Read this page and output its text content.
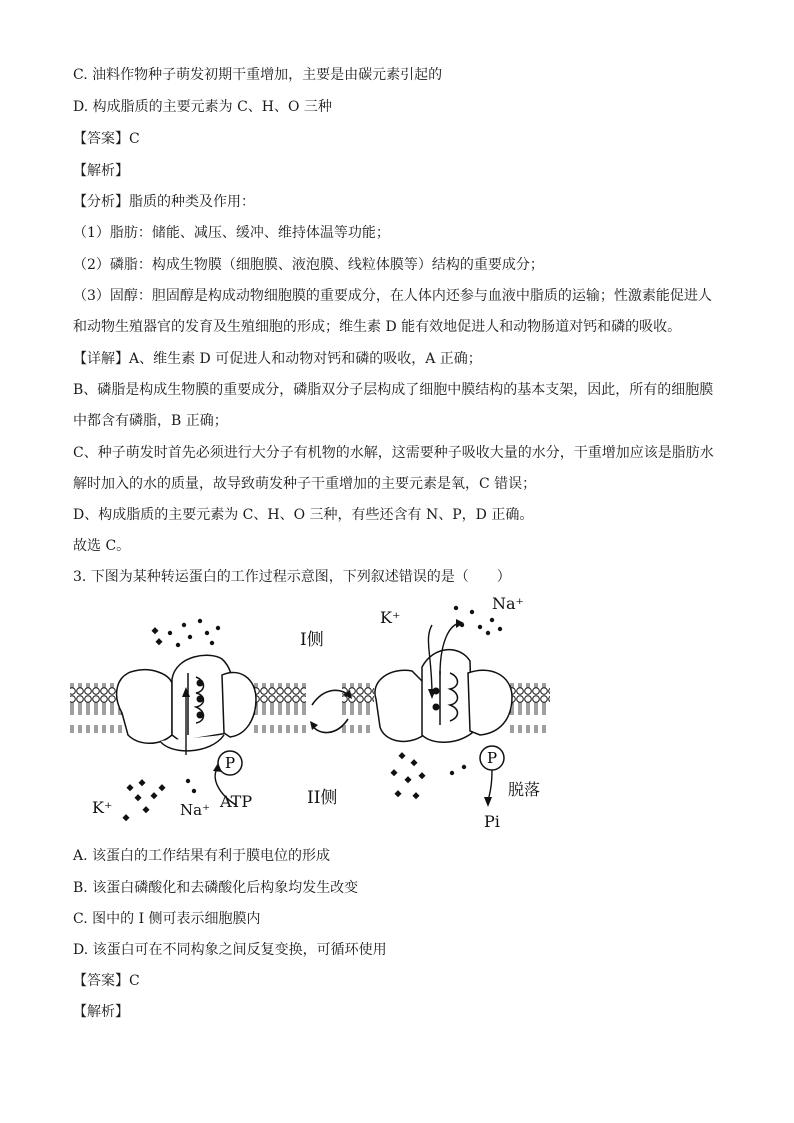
C. 油料作物种子萌发初期干重增加，主要是由碳元素引起的
D. 构成脂质的主要元素为 C、H、O 三种
【答案】C
【解析】
【分析】脂质的种类及作用：
（1）脂肪：储能、减压、缓冲、维持体温等功能；
（2）磷脂：构成生物膜（细胞膜、液泡膜、线粒体膜等）结构的重要成分；
（3）固醇：胆固醇是构成动物细胞膜的重要成分，在人体内还参与血液中脂质的运输；性激素能促进人
和动物生殖器官的发育及生殖细胞的形成；维生素 D 能有效地促进人和动物肠道对钙和磷的吸收。
【详解】A、维生素 D 可促进人和动物对钙和磷的吸收，A 正确；
B、磷脂是构成生物膜的重要成分，磷脂双分子层构成了细胞中膜结构的基本支架，因此，所有的细胞膜
中都含有磷脂，B 正确；
C、种子萌发时首先必须进行大分子有机物的水解，这需要种子吸收大量的水分，干重增加应该是脂肪水
解时加入的水的质量，故导致萌发种子干重增加的主要元素是氧，C 错误；
D、构成脂质的主要元素为 C、H、O 三种，有些还含有 N、P，D 正确。
故选 C。
3. 下图为某种转运蛋白的工作过程示意图，下列叙述错误的是（　　）
P	P
I侧
II侧
K⁺
Na⁺
K⁺	Na⁺ ATP
脱落
Pi
A. 该蛋白的工作结果有利于膜电位的形成
B. 该蛋白磷酸化和去磷酸化后构象均发生改变
C. 图中的 I 侧可表示细胞膜内
D. 该蛋白可在不同构象之间反复变换，可循环使用
【答案】C
【解析】
